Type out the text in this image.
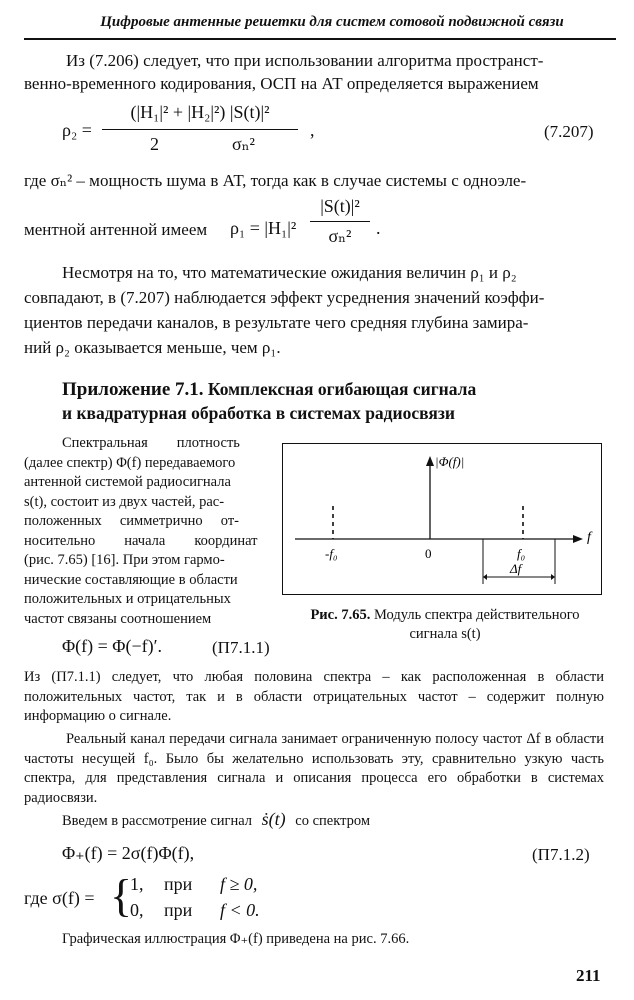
Цифровые антенные решетки для систем сотовой подвижной связи
Из (7.206) следует, что при использовании алгоритма пространст-
венно-временного кодирования, ОСП на АТ определяется выражением
ρ₂ =
(|H₁|² + |H₂|²) |S(t)|²
2	σₙ²
,	(7.207)
где σₙ² – мощность шума в АТ, тогда как в случае системы с одноэле-
ментной антенной имеем ρ₁ = |H₁|²
|S(t)|²
σₙ²	.
Несмотря на то, что математические ожидания величин ρ₁ и ρ₂
совпадают, в (7.207) наблюдается эффект усреднения значений коэффи-
циентов передачи каналов, в результате чего средняя глубина замира-
ний ρ₂ оказывается меньше, чем ρ₁.
Приложение 7.1. Комплексная огибающая сигнала
и квадратурная обработка в системах радиосвязи
Спектральная        плотность
(далее спектр) Φ(f) передаваемого
антенной системой радиосигнала
s(t), состоит из двух частей, рас-
положенных     симметрично     от-
носительно        начала        координат
(рис. 7.65) [16]. При этом гармо-
нические составляющие в области
положительных и отрицательных
частот связаны соотношением
Φ(f) = Φ(−f)′.	(П7.1.1)
|Φ(f)|
f
-f₀	0	f₀
Δf
Рис. 7.65. Модуль спектра действительного
сигнала s(t)
Из (П7.1.1) следует, что любая половина спектра – как расположенная в области положительных частот, так и в области отрицательных частот – содержит полную информацию о сигнале.
Реальный канал передачи сигнала занимает ограниченную полосу частот Δf в области частоты несущей f₀. Было бы желательно использовать эту, сравнительно узкую часть спектра, для представления сигнала и описания процесса его обработки в системах радиосвязи.
Введем в рассмотрение сигнал ṡ(t) со спектром
Φ₊(f) = 2σ(f)Φ(f),	(П7.1.2)
где σ(f) = {
1, при f ≥ 0,
0, при f < 0.
Графическая иллюстрация Φ₊(f) приведена на рис. 7.66.
211
